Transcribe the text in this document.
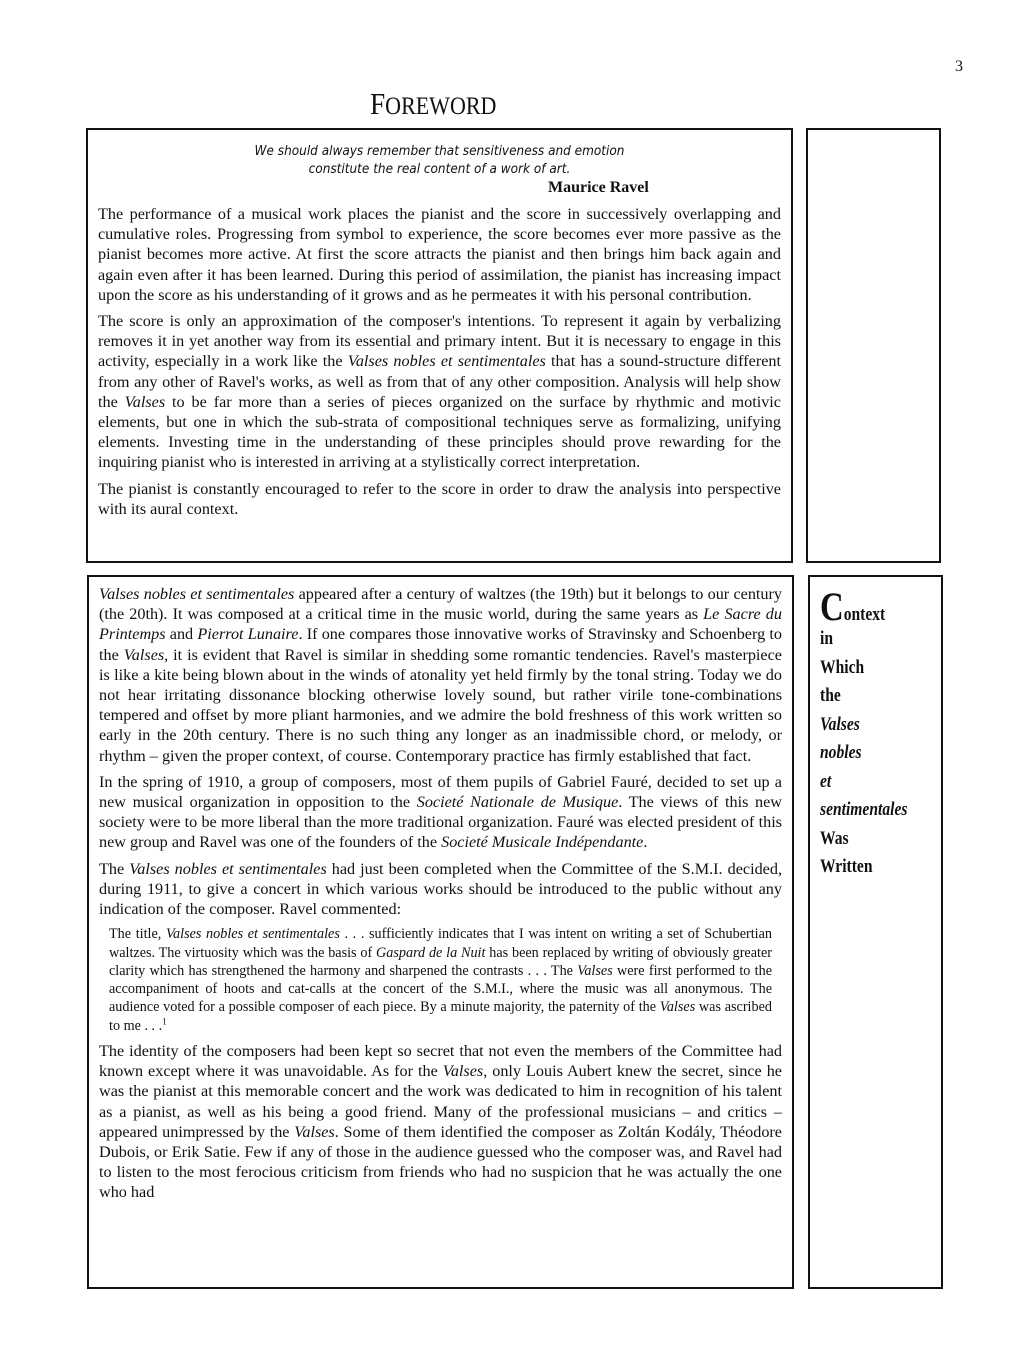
3
FOREWORD
We should always remember that sensitiveness and emotion
constitute the real content of a work of art.
Maurice Ravel

The performance of a musical work places the pianist and the score in successively overlapping and cumulative roles. Progressing from symbol to experience, the score becomes ever more passive as the pianist becomes more active. At first the score attracts the pianist and then brings him back again and again even after it has been learned. During this period of assimilation, the pianist has increasing impact upon the score as his understanding of it grows and as he permeates it with his personal contribution.

The score is only an approximation of the composer's intentions. To represent it again by verbalizing removes it in yet another way from its essential and primary intent. But it is necessary to engage in this activity, especially in a work like the Valses nobles et sentimentales that has a sound-structure different from any other of Ravel's works, as well as from that of any other composition. Analysis will help show the Valses to be far more than a series of pieces organized on the surface by rhythmic and motivic elements, but one in which the sub-strata of compositional techniques serve as formalizing, unifying elements. Investing time in the understanding of these principles should prove rewarding for the inquiring pianist who is interested in arriving at a stylistically correct interpretation.

The pianist is constantly encouraged to refer to the score in order to draw the analysis into perspective with its aural context.

Valses nobles et sentimentales appeared after a century of waltzes (the 19th) but it belongs to our century (the 20th). It was composed at a critical time in the music world, during the same years as Le Sacre du Printemps and Pierrot Lunaire. If one compares those innovative works of Stravinsky and Schoenberg to the Valses, it is evident that Ravel is similar in shedding some romantic tendencies. Ravel's masterpiece is like a kite being blown about in the winds of atonality yet held firmly by the tonal string. Today we do not hear irritating dissonance blocking otherwise lovely sound, but rather virile tone-combinations tempered and offset by more pliant harmonies, and we admire the bold freshness of this work written so early in the 20th century. There is no such thing any longer as an inadmissible chord, or melody, or rhythm – given the proper context, of course. Contemporary practice has firmly established that fact.

In the spring of 1910, a group of composers, most of them pupils of Gabriel Fauré, decided to set up a new musical organization in opposition to the Societé Nationale de Musique. The views of this new society were to be more liberal than the more traditional organization. Fauré was elected president of this new group and Ravel was one of the founders of the Societé Musicale Indépendante.

The Valses nobles et sentimentales had just been completed when the Committee of the S.M.I. decided, during 1911, to give a concert in which various works should be introduced to the public without any indication of the composer. Ravel commented:

The title, Valses nobles et sentimentales . . . sufficiently indicates that I was intent on writing a set of Schubertian waltzes. The virtuosity which was the basis of Gaspard de la Nuit has been replaced by writing of obviously greater clarity which has strengthened the harmony and sharpened the contrasts . . . The Valses were first performed to the accompaniment of hoots and cat-calls at the concert of the S.M.I., where the music was all anonymous. The audience voted for a possible composer of each piece. By a minute majority, the paternity of the Valses was ascribed to me . . .$^1$

The identity of the composers had been kept so secret that not even the members of the Committee had known except where it was unavoidable. As for the Valses, only Louis Aubert knew the secret, since he was the pianist at this memorable concert and the work was dedicated to him in recognition of his talent as a pianist, as well as his being a good friend. Many of the professional musicians – and critics – appeared unimpressed by the Valses. Some of them identified the composer as Zoltán Kodály, Théodore Dubois, or Erik Satie. Few if any of those in the audience guessed who the composer was, and Ravel had to listen to the most ferocious criticism from friends who had no suspicion that he was actually the one who had

Context
in
Which
the
Valses
nobles
et
sentimentales
Was
Written
